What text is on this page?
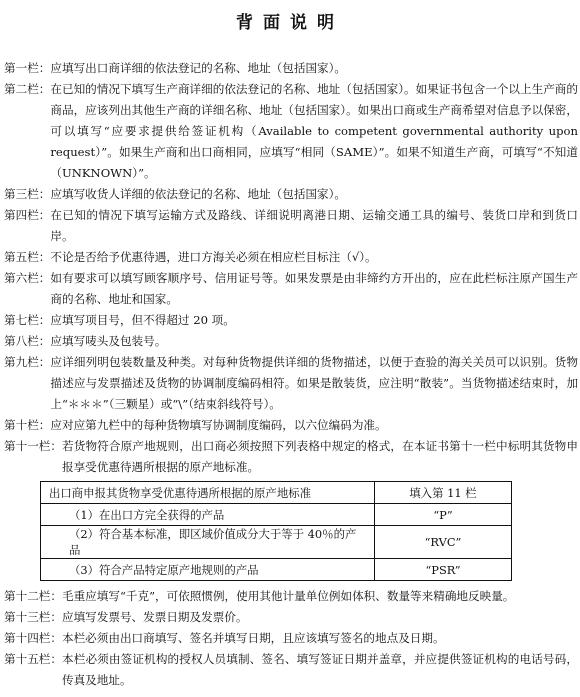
背面说明
第一栏： 应填写出口商详细的依法登记的名称、地址（包括国家）。
第二栏： 在已知的情况下填写生产商详细的依法登记的名称、地址（包括国家）。如果证书包含一个以上生产商的商品，应该列出其他生产商的详细名称、地址（包括国家）。如果出口商或生产商希望对信息予以保密，可以填写“应要求提供给签证机构（Available to competent governmental authority upon request）”。如果生产商和出口商相同，应填写“相同（SAME）”。如果不知道生产商，可填写“不知道（UNKNOWN）”。
第三栏： 应填写收货人详细的依法登记的名称、地址（包括国家）。
第四栏： 在已知的情况下填写运输方式及路线、详细说明离港日期、运输交通工具的编号、装货口岸和到货口岸。
第五栏： 不论是否给予优惠待遇，进口方海关必须在相应栏目标注（√）。
第六栏： 如有要求可以填写顾客顺序号、信用证号等。如果发票是由非缔约方开出的，应在此栏标注原产国生产商的名称、地址和国家。
第七栏： 应填写项目号，但不得超过 20 项。
第八栏： 应填写唛头及包装号。
第九栏： 应详细列明包装数量及种类。对每种货物提供详细的货物描述，以便于查验的海关关员可以识别。货物描述应与发票描述及货物的协调制度编码相符。如果是散装货，应注明“散装”。当货物描述结束时，加上“＊＊＊”（三颗星）或“\”（结束斜线符号）。
第十栏： 应对应第九栏中的每种货物填写协调制度编码，以六位编码为准。
第十一栏： 若货物符合原产地规则，出口商必须按照下列表格中规定的格式，在本证书第十一栏中标明其货物申报享受优惠待遇所根据的原产地标准。
出口商申报其货物享受优惠待遇所根据的原产地标准	填入第 11 栏
（1）在出口方完全获得的产品	“P”
（2）符合基本标准，即区域价值成分大于等于 40％的产品	“RVC”
（3）符合产品特定原产地规则的产品	“PSR”
第十二栏： 毛重应填写“千克”，可依照惯例，使用其他计量单位例如体积、数量等来精确地反映量。
第十三栏： 应填写发票号、发票日期及发票价。
第十四栏： 本栏必须由出口商填写、签名并填写日期，且应该填写签名的地点及日期。
第十五栏： 本栏必须由签证机构的授权人员填制、签名、填写签证日期并盖章，并应提供签证机构的电话号码，传真及地址。
